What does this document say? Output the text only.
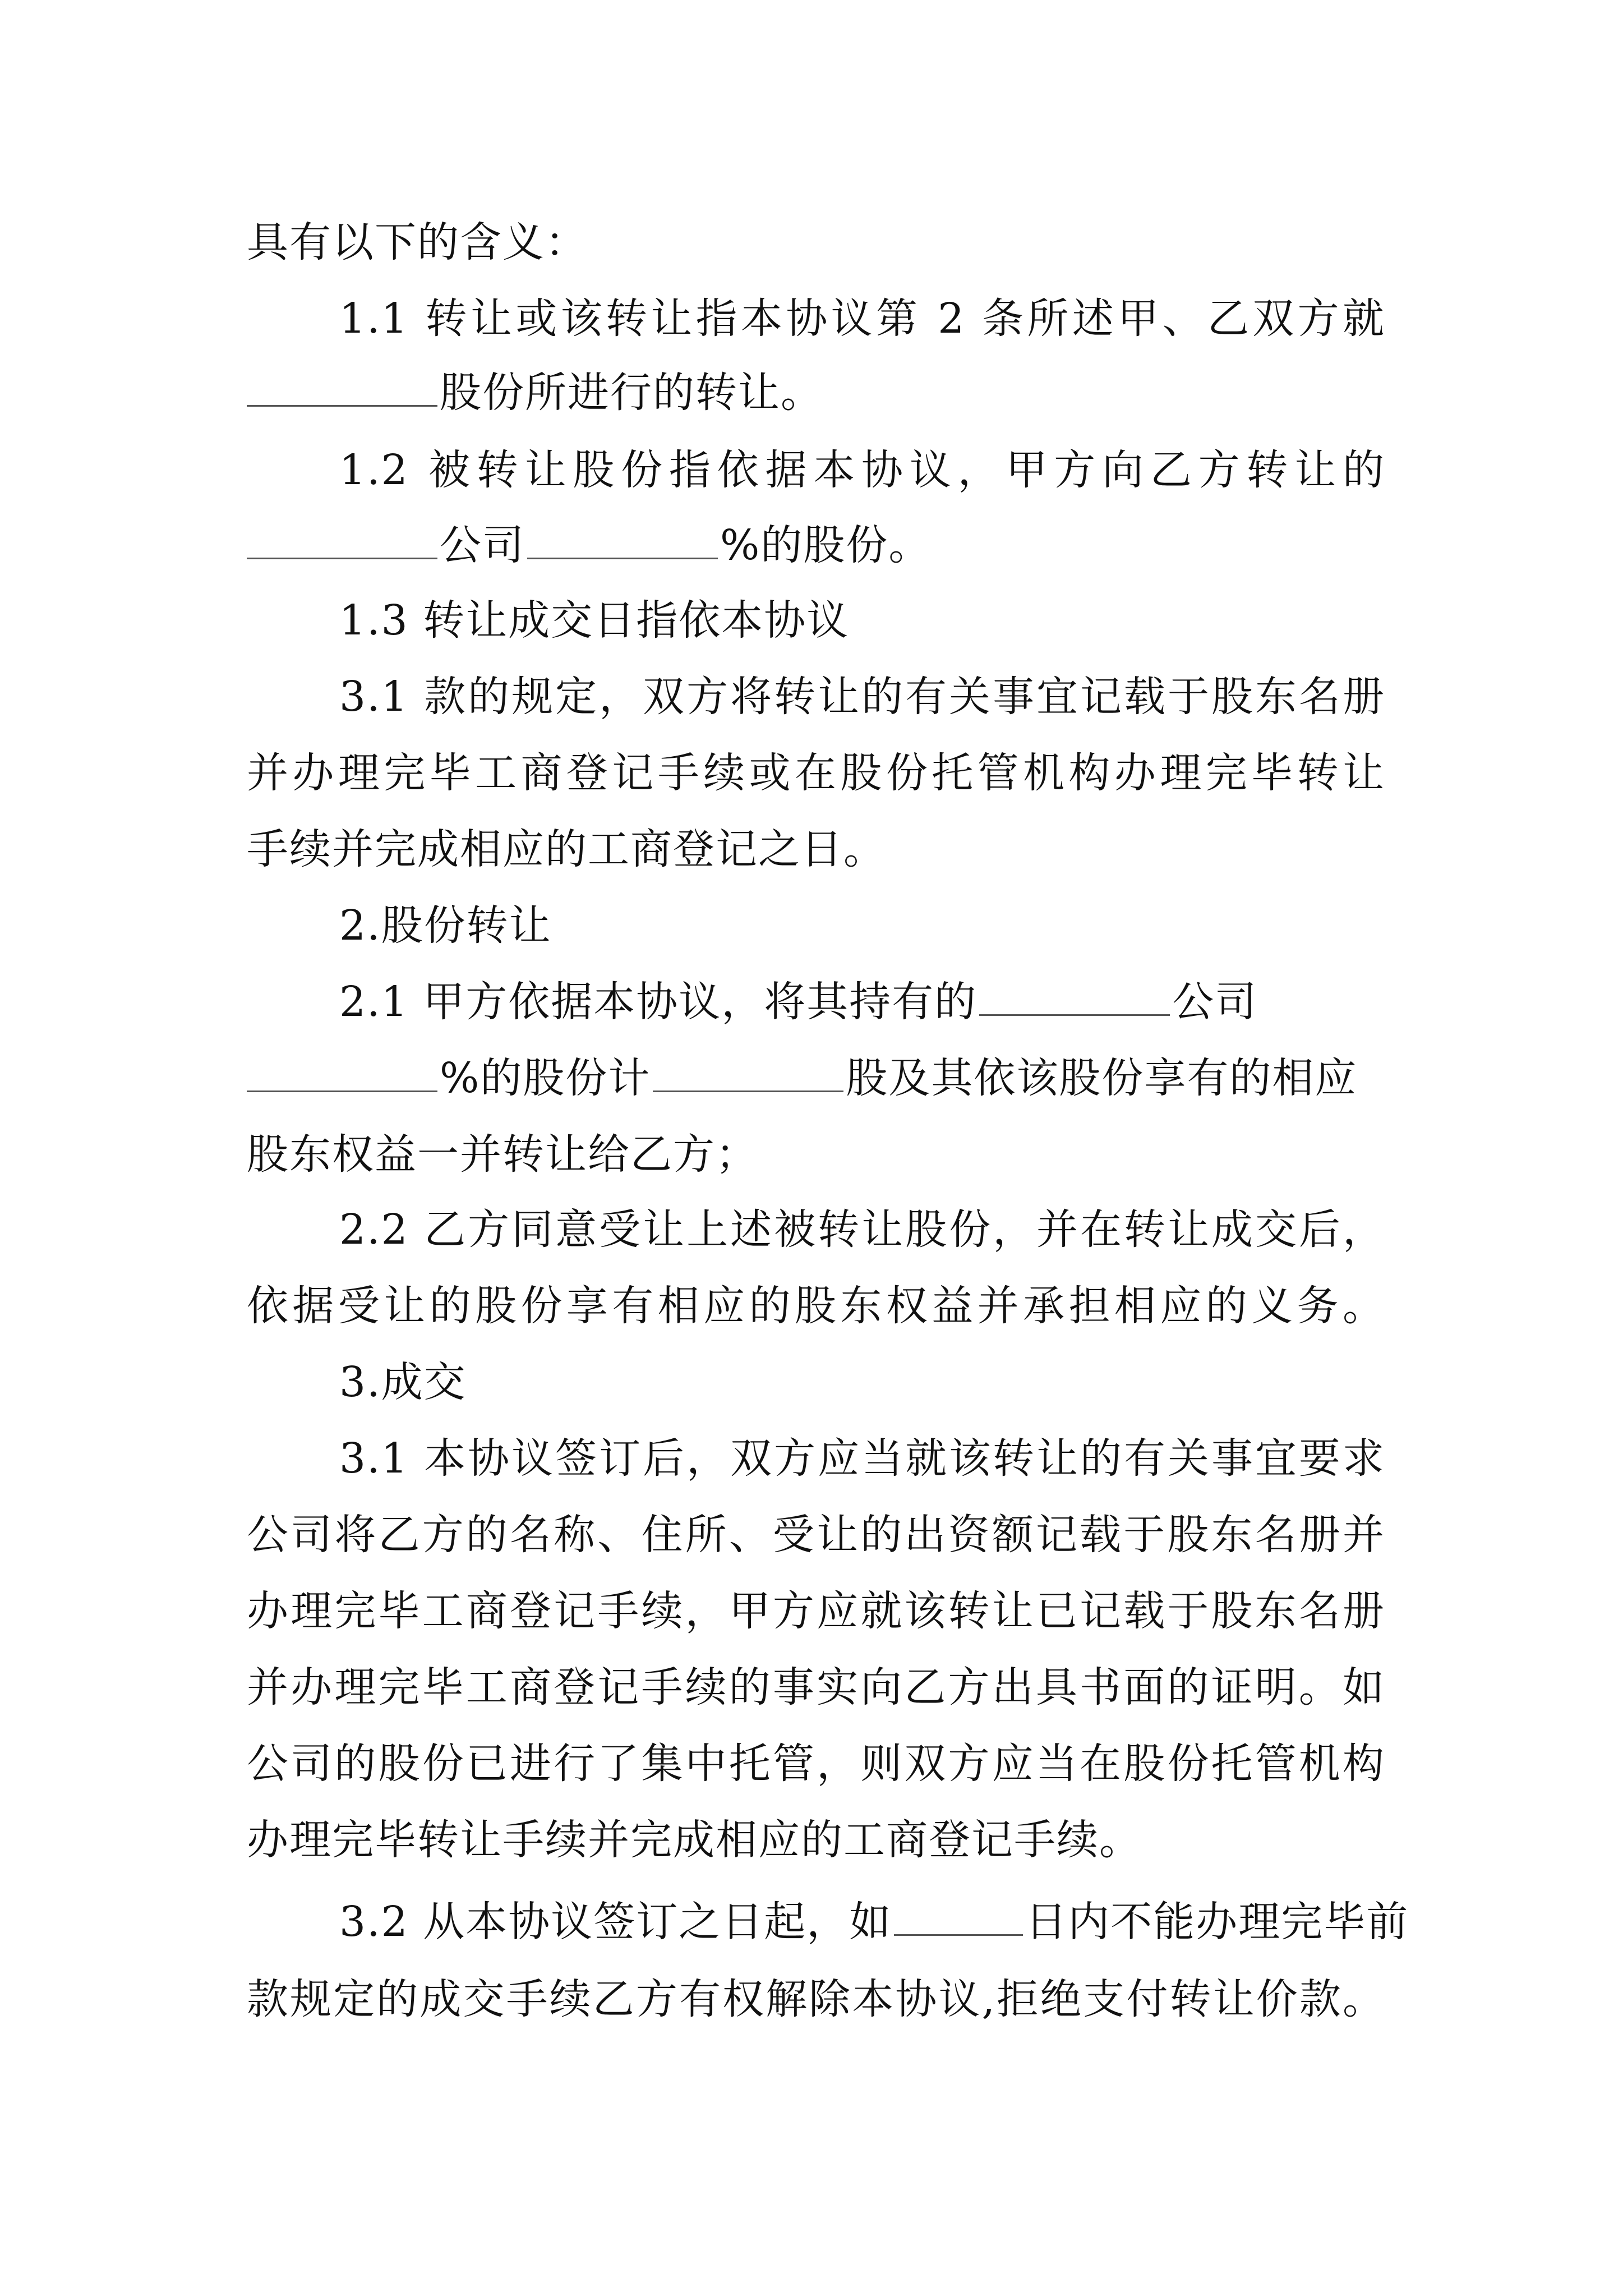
具有以下的含义：
1.1 转让或该转让指本协议第 2 条所述甲、乙双方就
股份所进行的转让。
1.2 被转让股份指依据本协议，甲方向乙方转让的
公司	%的股份。
1.3 转让成交日指依本协议
3.1 款的规定，双方将转让的有关事宜记载于股东名册
并办理完毕工商登记手续或在股份托管机构办理完毕转让
手续并完成相应的工商登记之日。
2.股份转让
2.1 甲方依据本协议，将其持有的	公司
%的股份计	股及其依该股份享有的相应
股东权益一并转让给乙方；
2.2 乙方同意受让上述被转让股份，并在转让成交后，
依据受让的股份享有相应的股东权益并承担相应的义务。
3.成交
3.1 本协议签订后，双方应当就该转让的有关事宜要求
公司将乙方的名称、住所、受让的出资额记载于股东名册并
办理完毕工商登记手续，甲方应就该转让已记载于股东名册
并办理完毕工商登记手续的事实向乙方出具书面的证明。如
公司的股份已进行了集中托管，则双方应当在股份托管机构
办理完毕转让手续并完成相应的工商登记手续。
3.2 从本协议签订之日起，如	日内不能办理完毕前
款规定的成交手续乙方有权解除本协议,拒绝支付转让价款。
